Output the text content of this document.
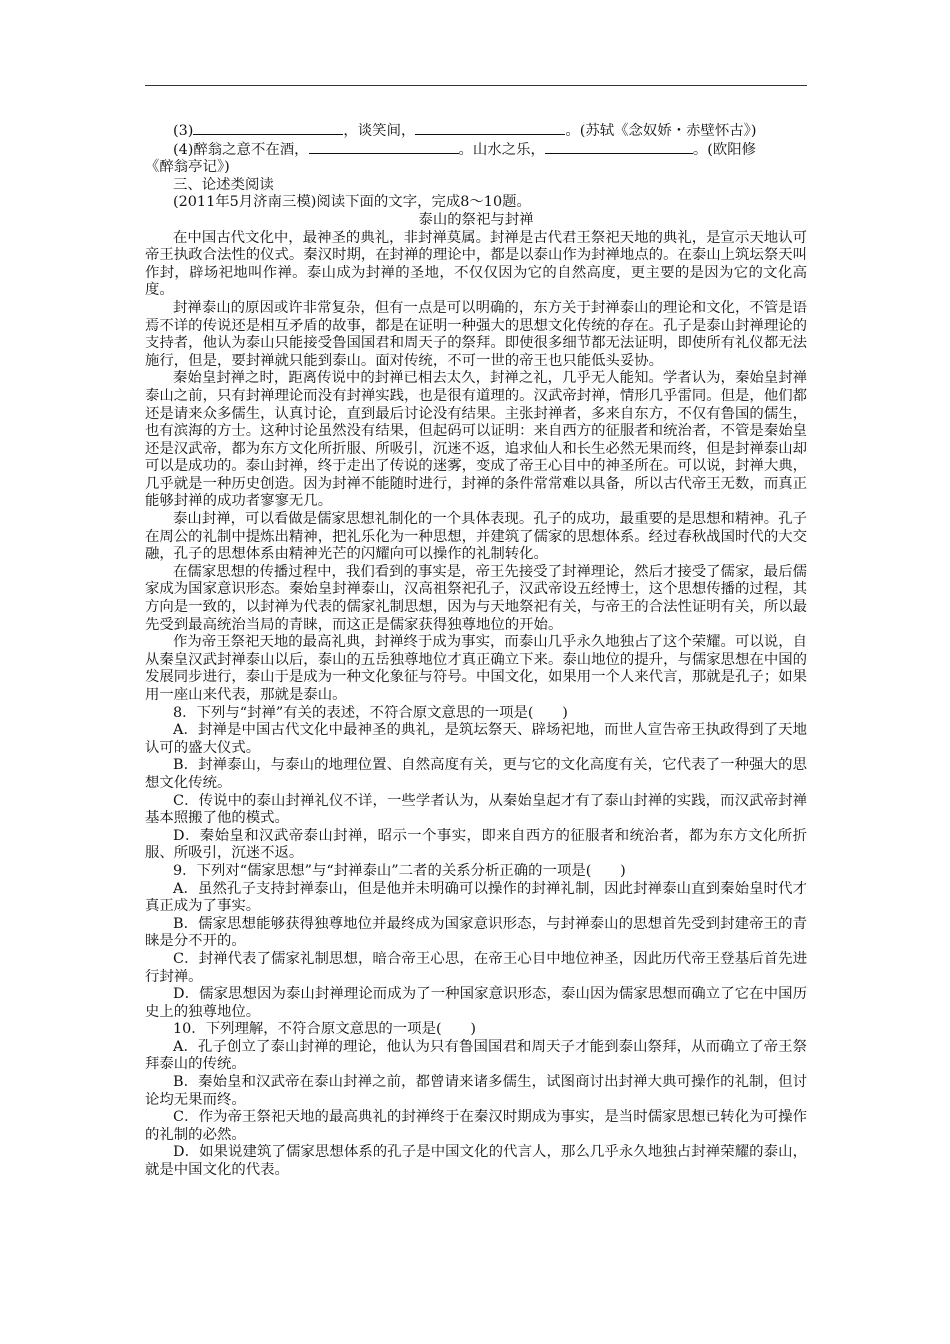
(3)	，谈笑间，	。(苏轼《念奴娇・赤壁怀古》)

(4)醉翁之意不在酒，	。山水之乐，	。(欧阳修

《醉翁亭记》)

三、论述类阅读

(2011年5月济南三模)阅读下面的文字，完成8～10题。

泰山的祭祀与封禅

在中国古代文化中，最神圣的典礼，非封禅莫属。封禅是古代君王祭祀天地的典礼，是宣示天地认可帝王执政合法性的仪式。秦汉时期，在封禅的理论中，都是以泰山作为封禅地点的。在泰山上筑坛祭天叫作封，辟场祀地叫作禅。泰山成为封禅的圣地，不仅仅因为它的自然高度，更主要的是因为它的文化高度。

封禅泰山的原因或许非常复杂，但有一点是可以明确的，东方关于封禅泰山的理论和文化，不管是语焉不详的传说还是相互矛盾的故事，都是在证明一种强大的思想文化传统的存在。孔子是泰山封禅理论的支持者，他认为泰山只能接受鲁国国君和周天子的祭拜。即使很多细节都无法证明，即使所有礼仪都无法施行，但是，要封禅就只能到泰山。面对传统，不可一世的帝王也只能低头妥协。

秦始皇封禅之时，距离传说中的封禅已相去太久，封禅之礼，几乎无人能知。学者认为，秦始皇封禅泰山之前，只有封禅理论而没有封禅实践，也是很有道理的。汉武帝封禅，情形几乎雷同。但是，他们都还是请来众多儒生，认真讨论，直到最后讨论没有结果。主张封禅者，多来自东方，不仅有鲁国的儒生，也有滨海的方士。这种讨论虽然没有结果，但起码可以证明：来自西方的征服者和统治者，不管是秦始皇还是汉武帝，都为东方文化所折服、所吸引，沉迷不返，追求仙人和长生必然无果而终，但是封禅泰山却可以是成功的。泰山封禅，终于走出了传说的迷雾，变成了帝王心目中的神圣所在。可以说，封禅大典，几乎就是一种历史创造。因为封禅不能随时进行，封禅的条件常常难以具备，所以古代帝王无数，而真正能够封禅的成功者寥寥无几。

泰山封禅，可以看做是儒家思想礼制化的一个具体表现。孔子的成功，最重要的是思想和精神。孔子在周公的礼制中提炼出精神，把礼乐化为一种思想，并建筑了儒家的思想体系。经过春秋战国时代的大交融，孔子的思想体系由精神光芒的闪耀向可以操作的礼制转化。

在儒家思想的传播过程中，我们看到的事实是，帝王先接受了封禅理论，然后才接受了儒家，最后儒家成为国家意识形态。秦始皇封禅泰山，汉高祖祭祀孔子，汉武帝设五经博士，这个思想传播的过程，其方向是一致的，以封禅为代表的儒家礼制思想，因为与天地祭祀有关，与帝王的合法性证明有关，所以最先受到最高统治当局的青睐，而这正是儒家获得独尊地位的开始。

作为帝王祭祀天地的最高礼典，封禅终于成为事实，而泰山几乎永久地独占了这个荣耀。可以说，自从秦皇汉武封禅泰山以后，泰山的五岳独尊地位才真正确立下来。泰山地位的提升，与儒家思想在中国的发展同步进行，泰山于是成为一种文化象征与符号。中国文化，如果用一个人来代言，那就是孔子；如果用一座山来代表，那就是泰山。

8．下列与“封禅”有关的表述，不符合原文意思的一项是(　　)

A．封禅是中国古代文化中最神圣的典礼，是筑坛祭天、辟场祀地，而世人宣告帝王执政得到了天地认可的盛大仪式。

B．封禅泰山，与泰山的地理位置、自然高度有关，更与它的文化高度有关，它代表了一种强大的思想文化传统。

C．传说中的泰山封禅礼仪不详，一些学者认为，从秦始皇起才有了泰山封禅的实践，而汉武帝封禅基本照搬了他的模式。

D．秦始皇和汉武帝泰山封禅，昭示一个事实，即来自西方的征服者和统治者，都为东方文化所折服、所吸引，沉迷不返。

9．下列对“儒家思想”与“封禅泰山”二者的关系分析正确的一项是(　　)

A．虽然孔子支持封禅泰山，但是他并未明确可以操作的封禅礼制，因此封禅泰山直到秦始皇时代才真正成为了事实。

B．儒家思想能够获得独尊地位并最终成为国家意识形态，与封禅泰山的思想首先受到封建帝王的青睐是分不开的。

C．封禅代表了儒家礼制思想，暗合帝王心思，在帝王心目中地位神圣，因此历代帝王登基后首先进行封禅。

D．儒家思想因为泰山封禅理论而成为了一种国家意识形态，泰山因为儒家思想而确立了它在中国历史上的独尊地位。

10．下列理解，不符合原文意思的一项是(　　)

A．孔子创立了泰山封禅的理论，他认为只有鲁国国君和周天子才能到泰山祭拜，从而确立了帝王祭拜泰山的传统。

B．秦始皇和汉武帝在泰山封禅之前，都曾请来诸多儒生，试图商讨出封禅大典可操作的礼制，但讨论均无果而终。

C．作为帝王祭祀天地的最高典礼的封禅终于在秦汉时期成为事实，是当时儒家思想已转化为可操作的礼制的必然。

D．如果说建筑了儒家思想体系的孔子是中国文化的代言人，那么几乎永久地独占封禅荣耀的泰山，就是中国文化的代表。
